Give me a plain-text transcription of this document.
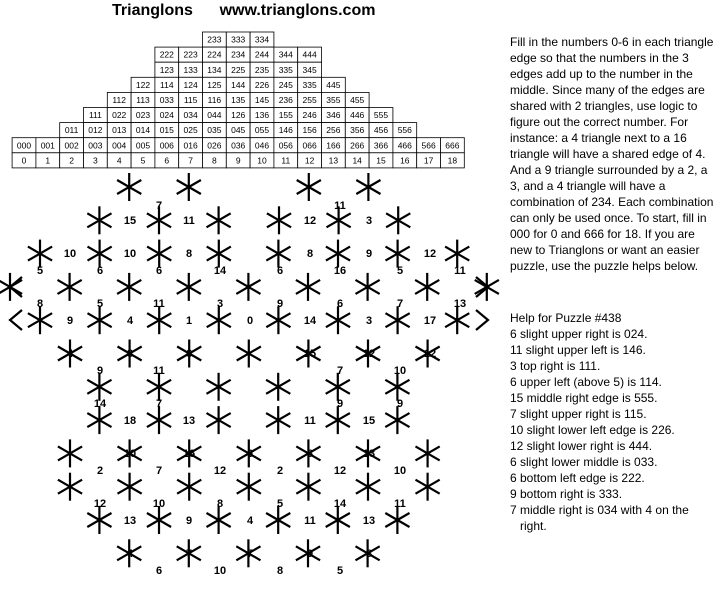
Trianglons www.trianglons.com
233 333 334
222 223 224 234 244 344 444
123 133 134 225 235 335 345
122 114 124 125 144 226 245 335 445
112 113 033 115 116 135 145 236 255 355 455
111 022 023 024 034 044 126 136 155 246 346 446 555
011 012 013 014 015 025 035 045 055 146 156 256 356 456 556
000 001 002 003 004 005 006 016 026 036 046 056 066 166 266 366 466 566 666
0 1 2 3 4 5 6 7 8 9 10 11 12 13 14 15 16 17 18
7
15	11
11
12	3
10	10	8	8	9	12
5	6	6	14	6	16	5	11
8	5	11	3	9	6	7	13
9	4	1	0	14	3	17
4	8	6	15	12	12
9	11	7	10
14	7	9	9
18	13	11	15
10	16	6	8	13
2	7	12	2	12	10
12	10	8	5	14	11
13	9	4	11	13
4	7	7	9	8
6	10	8	5
Fill in the numbers 0-6 in each triangle edge so that the numbers in the 3 edges add up to the number in the middle. Since many of the edges are shared with 2 triangles, use logic to figure out the correct number. For instance: a 4 triangle next to a 16 triangle will have a shared edge of 4. And a 9 triangle surrounded by a 2, a 3, and a 4 triangle will have a combination of 234. Each combination can only be used once. To start, fill in 000 for 0 and 666 for 18. If you are new to Trianglons or want an easier puzzle, use the puzzle helps below.

Help for Puzzle #438

6 slight upper right is 024.

11 slight upper left is 146.

3 top right is 111.

6 upper left (above 5) is 114.

15 middle right edge is 555.

7 slight upper right is 115.

10 slight lower left edge is 226.

12 slight lower right is 444.

6 slight lower middle is 033.

6 bottom left edge is 222.

9 bottom right is 333.

7 middle right is 034 with 4 on the

right.
